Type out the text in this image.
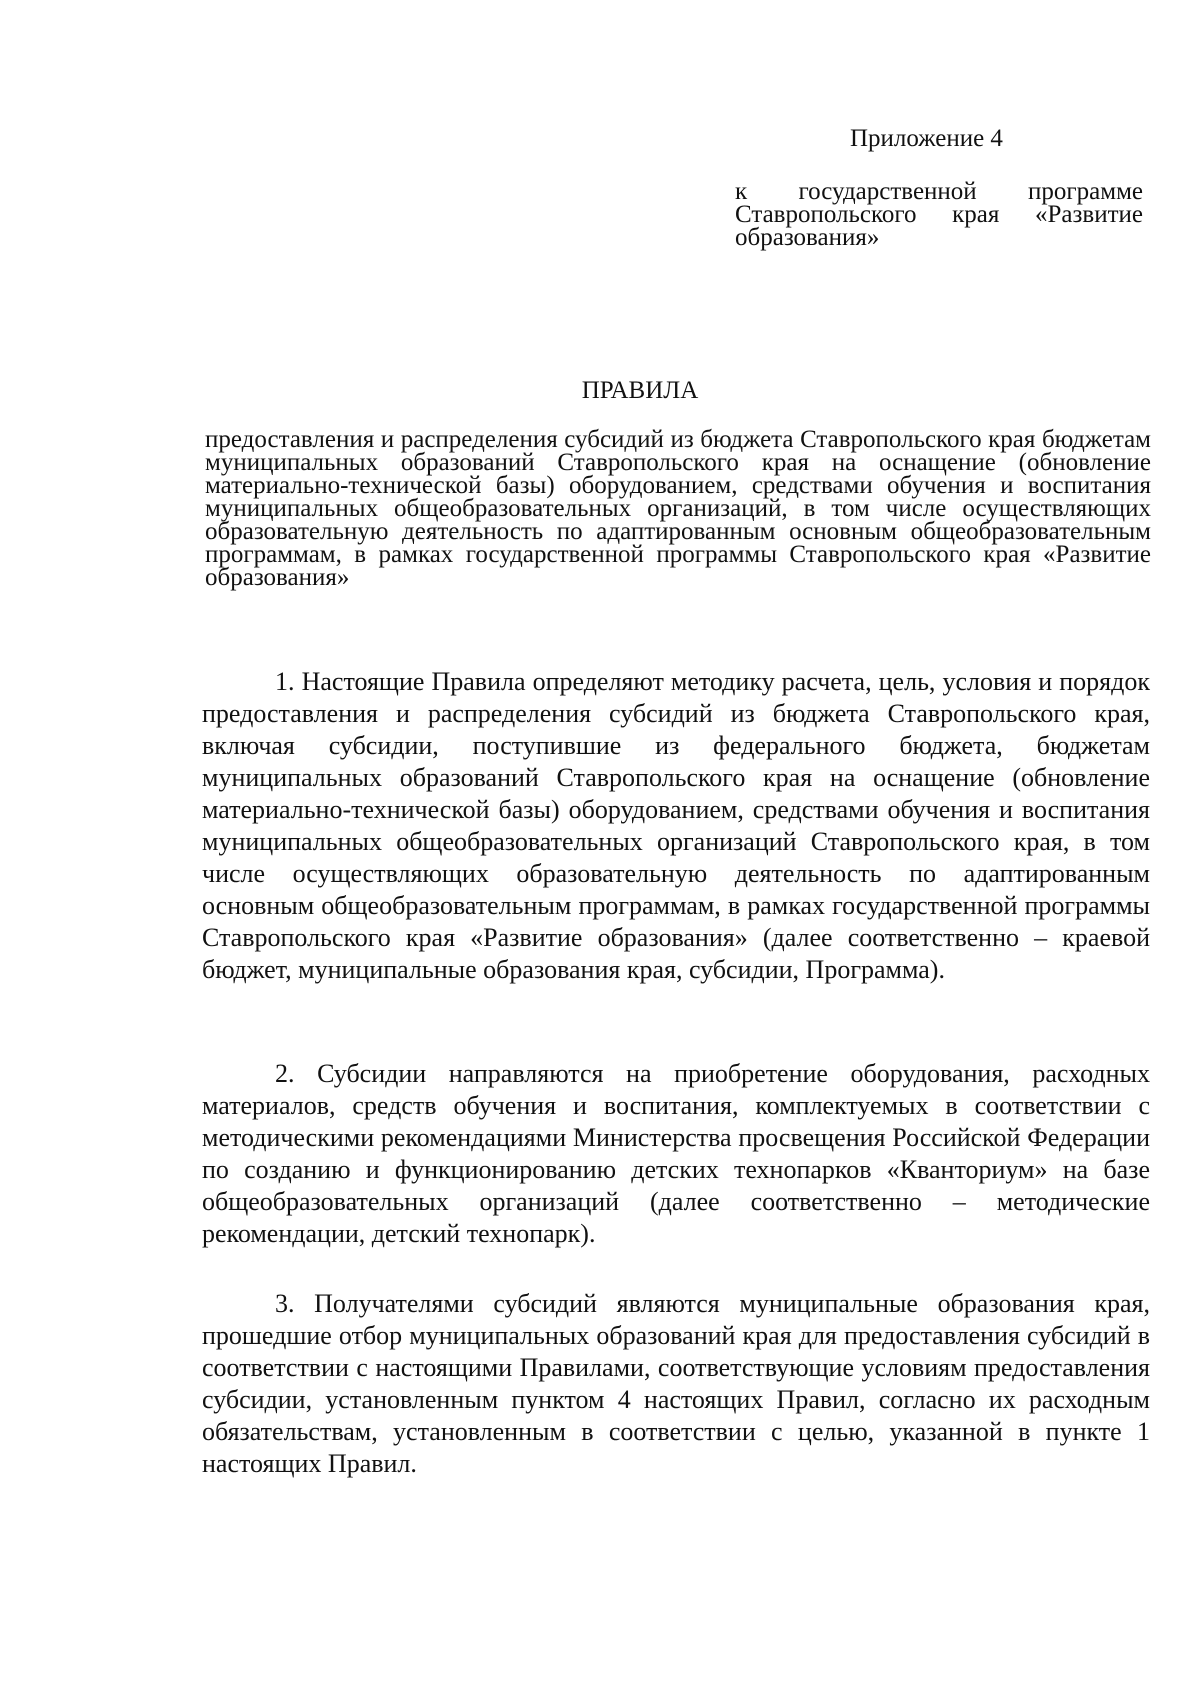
Приложение 4
к государственной программе Ставропольского края «Развитие образования»
ПРАВИЛА
предоставления и распределения субсидий из бюджета Ставропольского края бюджетам муниципальных образований Ставропольского края на оснащение (обновление материально-технической базы) оборудованием, средствами обучения и воспитания муниципальных общеобразовательных организаций, в том числе осуществляющих образовательную деятельность по адаптированным основным общеобразовательным программам, в рамках государственной программы Ставропольского края «Развитие образования»

1. Настоящие Правила определяют методику расчета, цель, условия и порядок предоставления и распределения субсидий из бюджета Ставропольского края, включая субсидии, поступившие из федерального бюджета, бюджетам муниципальных образований Ставропольского края на оснащение (обновление материально-технической базы) оборудованием, средствами обучения и воспитания муниципальных общеобразовательных организаций Ставропольского края, в том числе осуществляющих образовательную деятельность по адаптированным основным общеобразовательным программам, в рамках государственной программы Ставропольского края «Развитие образования» (далее соответственно – краевой бюджет, муниципальные образования края, субсидии, Программа).

2. Субсидии направляются на приобретение оборудования, расходных материалов, средств обучения и воспитания, комплектуемых в соответствии с методическими рекомендациями Министерства просвещения Российской Федерации по созданию и функционированию детских технопарков «Кванториум» на базе общеобразовательных организаций (далее соответственно – методические рекомендации, детский технопарк).

3. Получателями субсидий являются муниципальные образования края, прошедшие отбор муниципальных образований края для предоставления субсидий в соответствии с настоящими Правилами, соответствующие условиям предоставления субсидии, установленным пунктом 4 настоящих Правил, согласно их расходным обязательствам, установленным в соответствии с целью, указанной в пункте 1 настоящих Правил.
